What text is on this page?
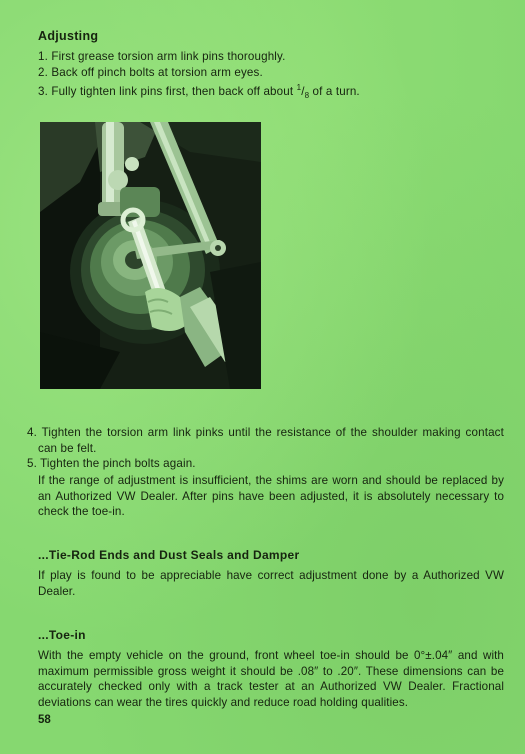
Adjusting
1. First grease torsion arm link pins thoroughly.
2. Back off pinch bolts at torsion arm eyes.
3. Fully tighten link pins first, then back off about $^1/_8$ of a turn.
4. Tighten the torsion arm link pinks until the resistance of the shoulder making contact can be felt.
5. Tighten the pinch bolts again.

If the range of adjustment is insufficient, the shims are worn and should be replaced by an Authorized VW Dealer. After pins have been adjusted, it is absolutely necessary to check the toe-in.

...Tie-Rod Ends and Dust Seals and Damper

If play is found to be appreciable have correct adjustment done by a Authorized VW Dealer.

...Toe-in

With the empty vehicle on the ground, front wheel toe-in should be 0°±.04″ and with maximum permissible gross weight it should be .08″ to .20″. These dimensions can be accurately checked only with a track tester at an Authorized VW Dealer. Fractional deviations can wear the tires quickly and reduce road holding qualities.

58
